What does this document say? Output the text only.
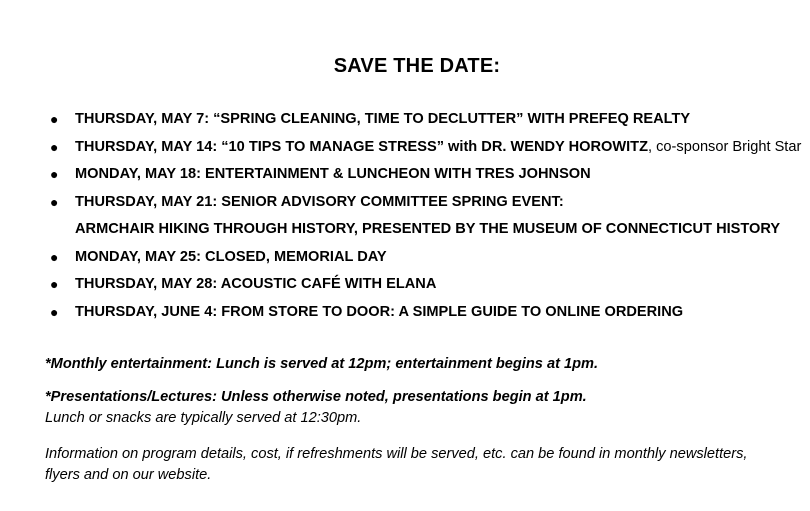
SAVE THE DATE:
● THURSDAY, MAY 7: “SPRING CLEANING, TIME TO DECLUTTER” WITH PREFEQ REALTY
● THURSDAY, MAY 14: “10 TIPS TO MANAGE STRESS” with DR. WENDY HOROWITZ, co-sponsor Bright Star
● MONDAY, MAY 18: ENTERTAINMENT & LUNCHEON WITH TRES JOHNSON
● THURSDAY, MAY 21: SENIOR ADVISORY COMMITTEE SPRING EVENT:
ARMCHAIR HIKING THROUGH HISTORY, PRESENTED BY THE MUSEUM OF CONNECTICUT HISTORY
● MONDAY, MAY 25: CLOSED, MEMORIAL DAY
● THURSDAY, MAY 28: ACOUSTIC CAFÉ WITH ELANA
● THURSDAY, JUNE 4: FROM STORE TO DOOR: A SIMPLE GUIDE TO ONLINE ORDERING
*Monthly entertainment: Lunch is served at 12pm; entertainment begins at 1pm.
*Presentations/Lectures: Unless otherwise noted, presentations begin at 1pm.
Lunch or snacks are typically served at 12:30pm.
Information on program details, cost, if refreshments will be served, etc. can be found in monthly newsletters,
flyers and on our website.
